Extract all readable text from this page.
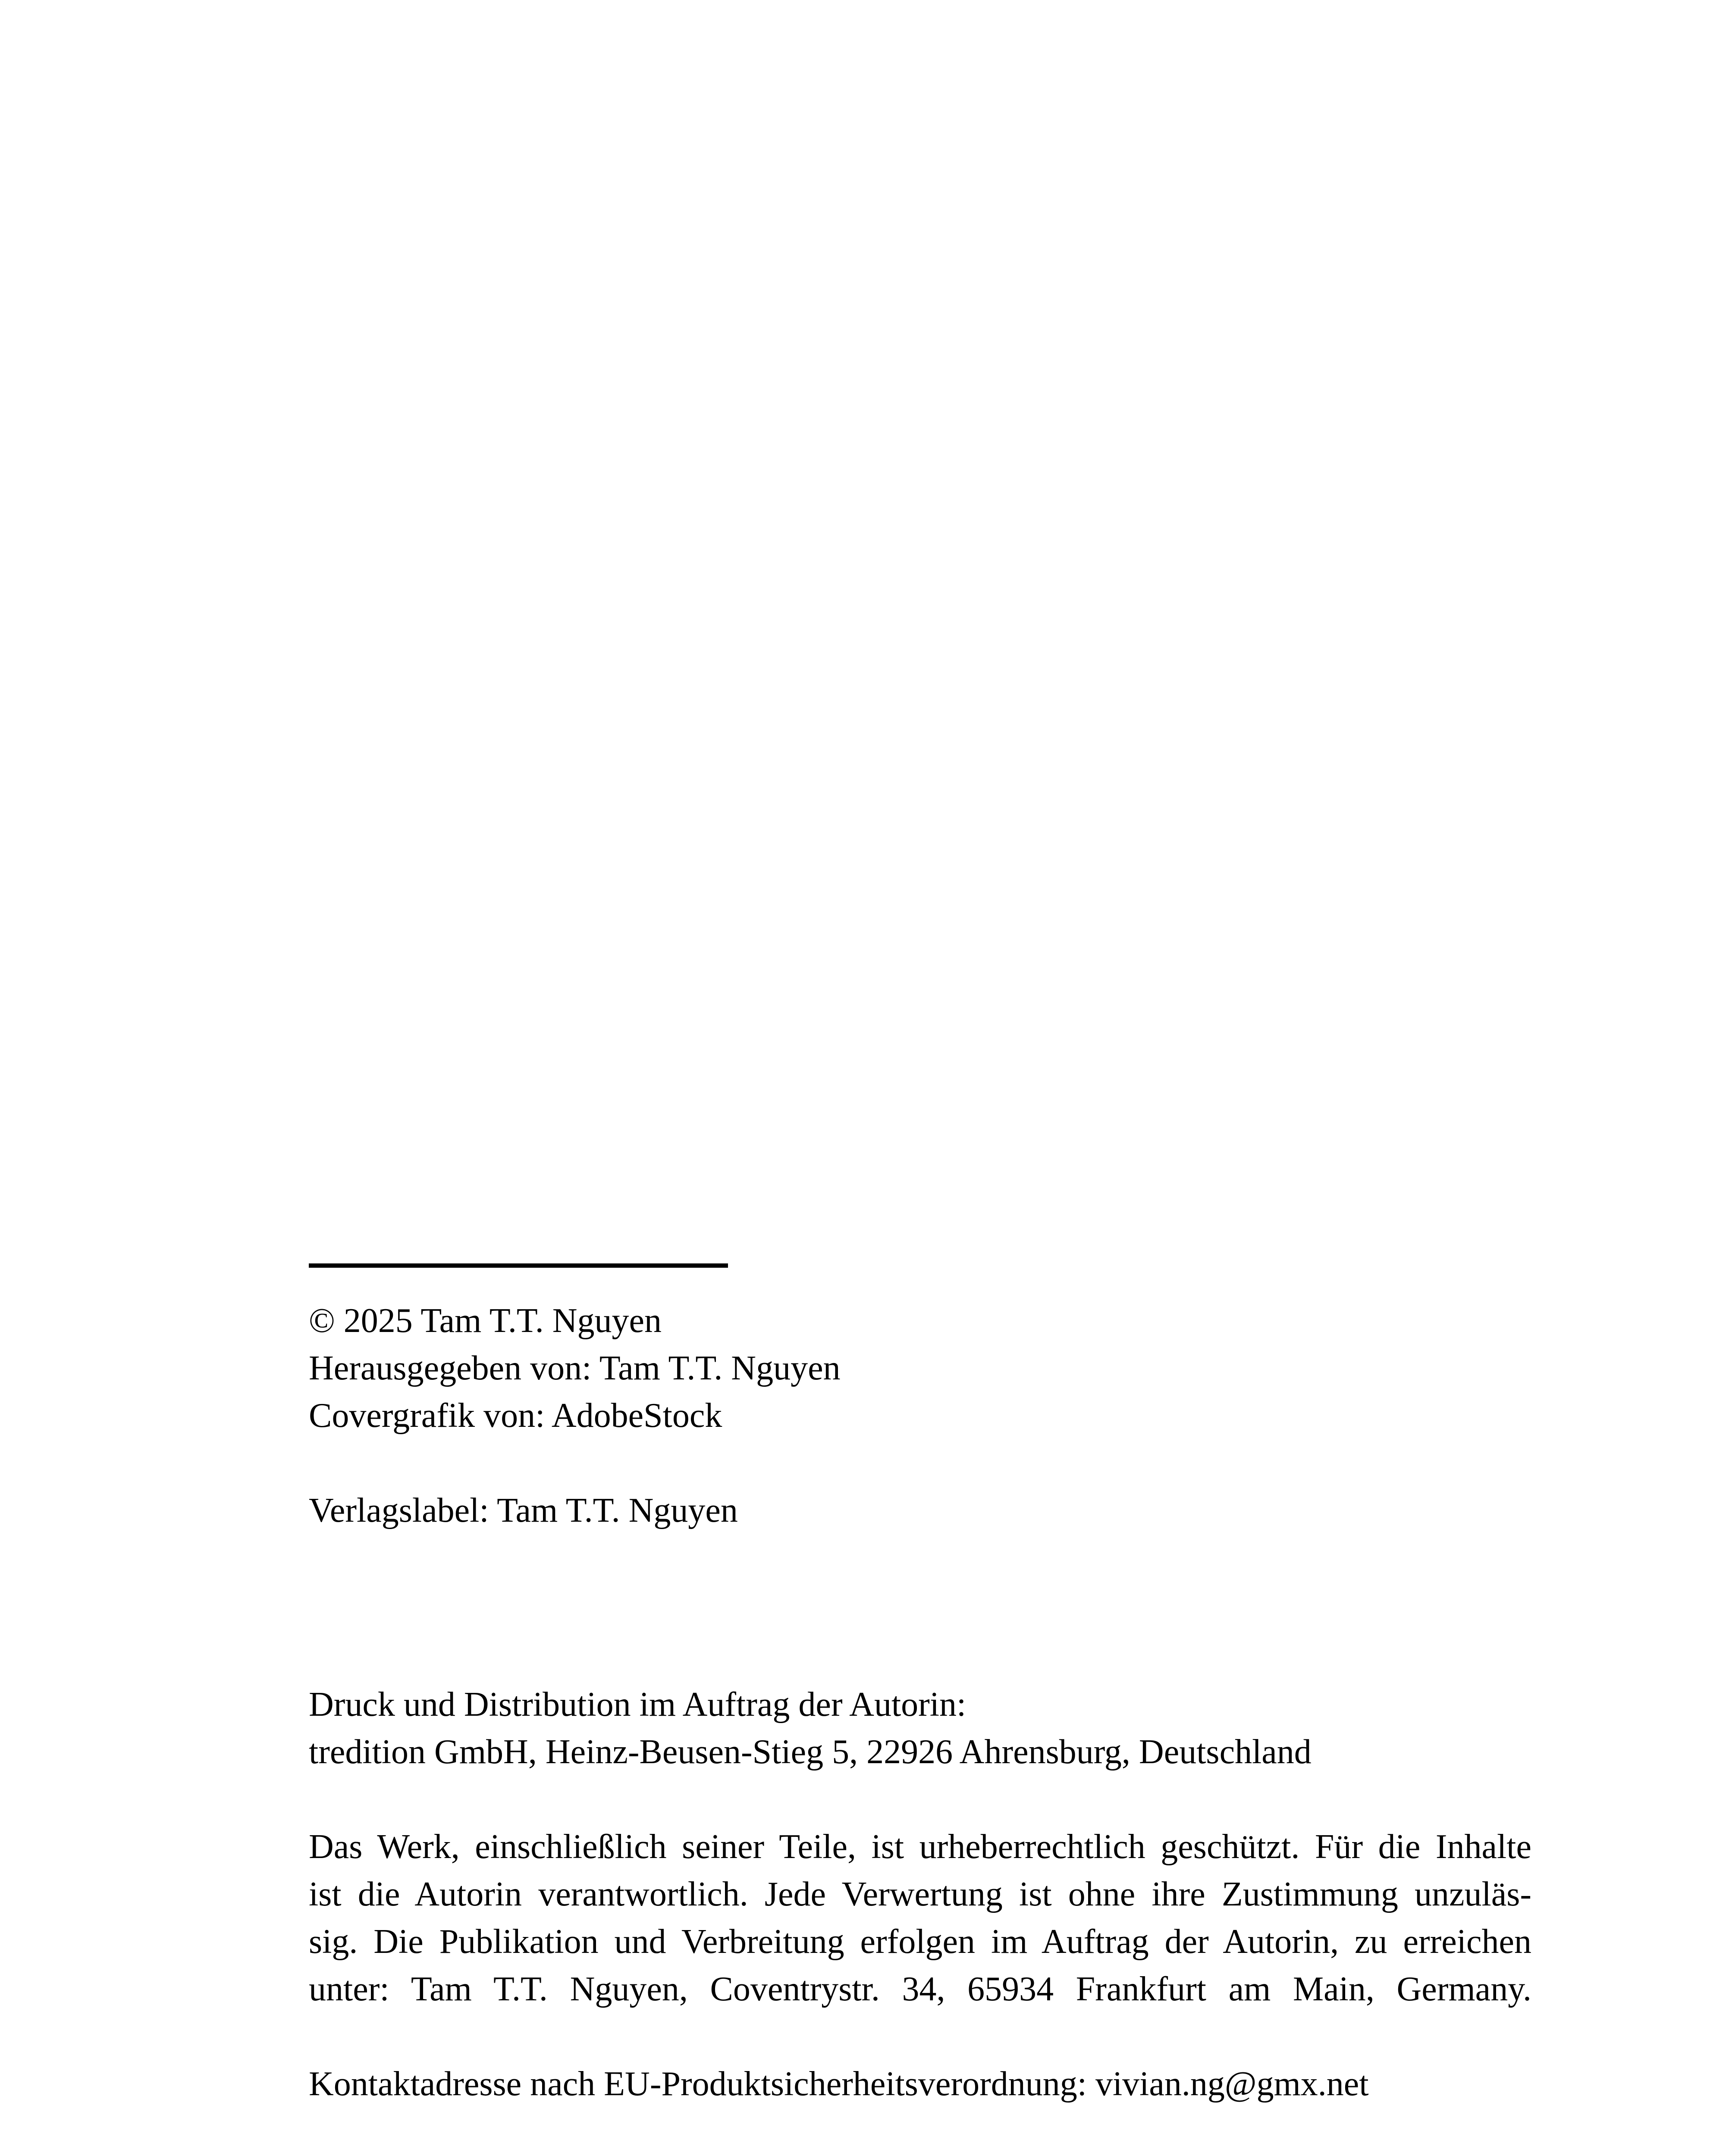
© 2025 Tam T.T. Nguyen
Herausgegeben von: Tam T.T. Nguyen
Covergrafik von: AdobeStock
Verlagslabel: Tam T.T. Nguyen
Druck und Distribution im Auftrag der Autorin:
tredition GmbH, Heinz-Beusen-Stieg 5, 22926 Ahrensburg, Deutschland
Das Werk, einschließlich seiner Teile, ist urheberrechtlich geschützt. Für die Inhalte
ist die Autorin verantwortlich. Jede Verwertung ist ohne ihre Zustimmung unzuläs-
sig. Die Publikation und Verbreitung erfolgen im Auftrag der Autorin, zu erreichen
unter: Tam T.T. Nguyen, Coventrystr. 34, 65934 Frankfurt am Main, Germany.
Kontaktadresse nach EU-Produktsicherheitsverordnung: vivian.ng@gmx.net
